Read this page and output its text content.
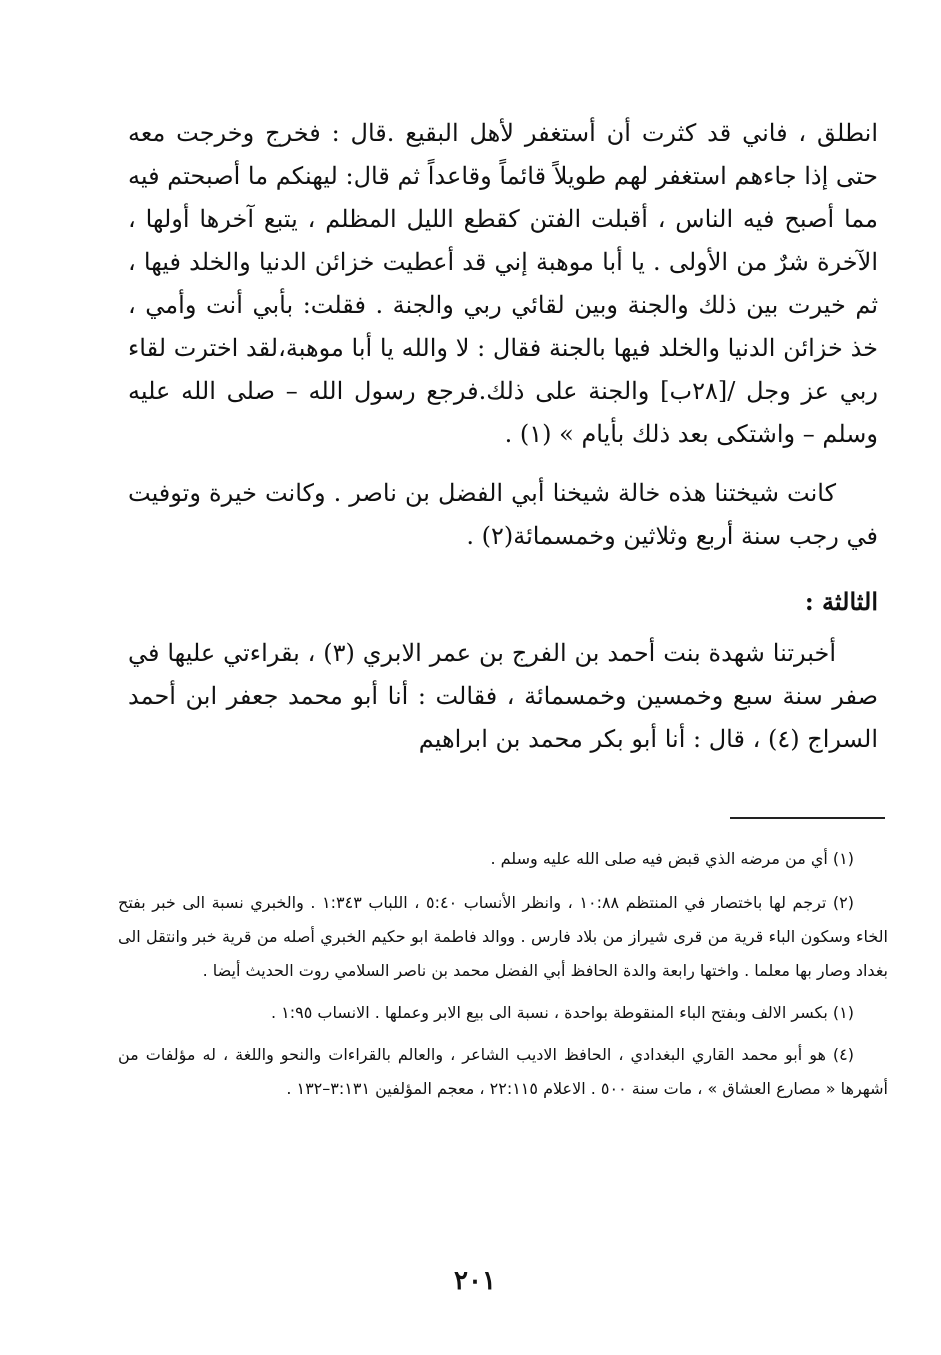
انطلق ، فاني قد كثرت أن أستغفر لأهل البقيع .قال : فخرج وخرجت معه حتى إذا جاءهم استغفر لهم طويلاً قائماً وقاعداً ثم قال: ليهنكم ما أصبحتم فيه مما أصبح فيه الناس ، أقبلت الفتن كقطع الليل المظلم ، يتبع آخرها أولها ، الآخرة شرٌ من الأولى . يا أبا موهبة إني قد أعطيت خزائن الدنيا والخلد فيها ، ثم خيرت بين ذلك والجنة وبين لقائي ربي والجنة . فقلت: بأبي أنت وأمي ، خذ خزائن الدنيا والخلد فيها بالجنة فقال : لا والله يا أبا موهبة،لقد اخترت لقاء ربي عز وجل /[٢٨ب] والجنة على ذلك.فرجع رسول الله – صلى الله عليه وسلم – واشتكى بعد ذلك بأيام » (١) .

كانت شيختنا هذه خالة شيخنا أبي الفضل بن ناصر . وكانت خيرة وتوفيت في رجب سنة أربع وثلاثين وخمسمائة(٢) .

الثالثة :

أخبرتنا شهدة بنت أحمد بن الفرج بن عمر الابري (٣) ، بقراءتي عليها في صفر سنة سبع وخمسين وخمسمائة ، فقالت : أنا أبو محمد جعفر ابن أحمد السراج (٤) ، قال : أنا أبو بكر محمد بن ابراهيم

(١) أي من مرضه الذي قبض فيه صلى الله عليه وسلم .

(٢) ترجم لها باختصار في المنتظم ١٠:٨٨ ، وانظر الأنساب ٥:٤٠ ، اللباب ١:٣٤٣ . والخبري نسبة الى خبر بفتح الخاء وسكون الباء قرية من قرى شيراز من بلاد فارس . ووالد فاطمة ابو حكيم الخبري أصله من قرية خبر وانتقل الى بغداد وصار بها معلما . واختها رابعة والدة الحافظ أبي الفضل محمد بن ناصر السلامي روت الحديث أيضا .

(١) بكسر الالف وبفتح الباء المنقوطة بواحدة ، نسبة الى بيع الابر وعملها . الانساب ١:٩٥ .

(٤) هو أبو محمد القاري البغدادي ، الحافظ الاديب الشاعر ، والعالم بالقراءات والنحو واللغة ، له مؤلفات من أشهرها « مصارع العشاق » ، مات سنة ٥٠٠ . الاعلام ٢٢:١١٥ ، معجم المؤلفين ٣:١٣١–١٣٢ .

٢٠١
